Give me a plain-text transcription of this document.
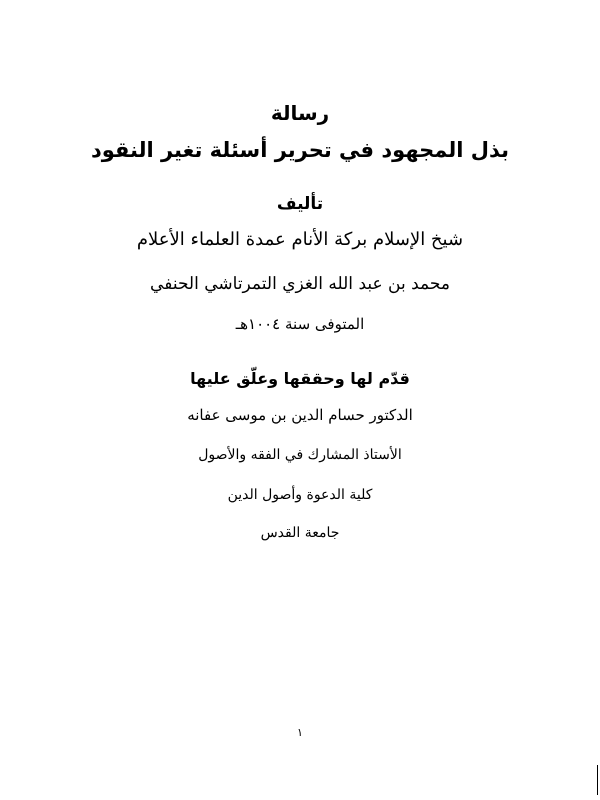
رسالة
بذل المجهود في تحرير أسئلة تغير النقود
تأليف
شيخ الإسلام بركة الأنام عمدة العلماء الأعلام
محمد بن عبد الله الغزي التمرتاشي الحنفي
المتوفى سنة ١٠٠٤هـ
قدّم لها وحققها وعلّق عليها
الدكتور حسام الدين بن موسى عفانه
الأستاذ المشارك في الفقه والأصول
كلية الدعوة وأصول الدين
جامعة القدس
١
